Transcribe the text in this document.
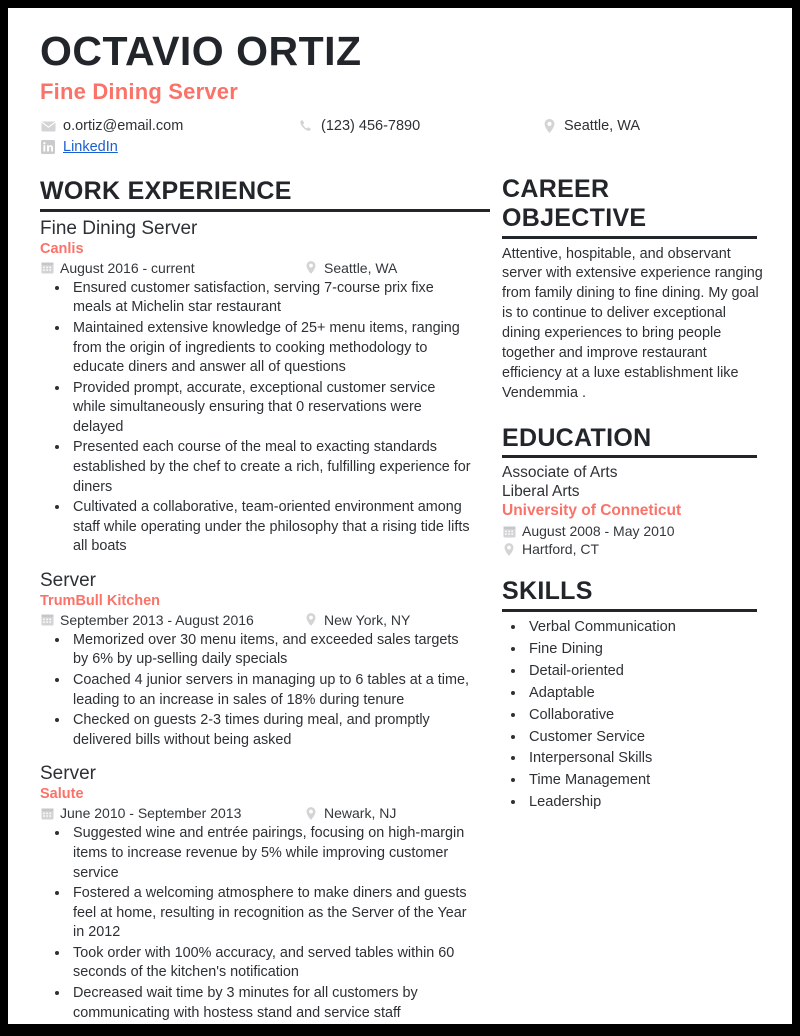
OCTAVIO ORTIZ
Fine Dining Server
o.ortiz@email.com	(123) 456-7890	Seattle, WA
LinkedIn
WORK EXPERIENCE
Fine Dining Server
Canlis
August 2016 - current	Seattle, WA
• Ensured customer satisfaction, serving 7-course prix fixe meals at Michelin star restaurant
• Maintained extensive knowledge of 25+ menu items, ranging from the origin of ingredients to cooking methodology to educate diners and answer all of questions
• Provided prompt, accurate, exceptional customer service while simultaneously ensuring that 0 reservations were delayed
• Presented each course of the meal to exacting standards established by the chef to create a rich, fulfilling experience for diners
• Cultivated a collaborative, team-oriented environment among staff while operating under the philosophy that a rising tide lifts all boats
Server
TrumBull Kitchen
September 2013 - August 2016	New York, NY
• Memorized over 30 menu items, and exceeded sales targets by 6% by up-selling daily specials
• Coached 4 junior servers in managing up to 6 tables at a time, leading to an increase in sales of 18% during tenure
• Checked on guests 2-3 times during meal, and promptly delivered bills without being asked
Server
Salute
June 2010 - September 2013	Newark, NJ
• Suggested wine and entrée pairings, focusing on high-margin items to increase revenue by 5% while improving customer service
• Fostered a welcoming atmosphere to make diners and guests feel at home, resulting in recognition as the Server of the Year in 2012
• Took order with 100% accuracy, and served tables within 60 seconds of the kitchen's notification
• Decreased wait time by 3 minutes for all customers by communicating with hostess stand and service staff
CAREER
OBJECTIVE

Attentive, hospitable, and observant server with extensive experience ranging from family dining to fine dining. My goal is to continue to deliver exceptional dining experiences to bring people together and improve restaurant efficiency at a luxe establishment like Vendemmia .

EDUCATION
Associate of Arts
Liberal Arts
University of Conneticut
August 2008 - May 2010
Hartford, CT
SKILLS
• Verbal Communication
• Fine Dining
• Detail-oriented
• Adaptable
• Collaborative
• Customer Service
• Interpersonal Skills
• Time Management
• Leadership
